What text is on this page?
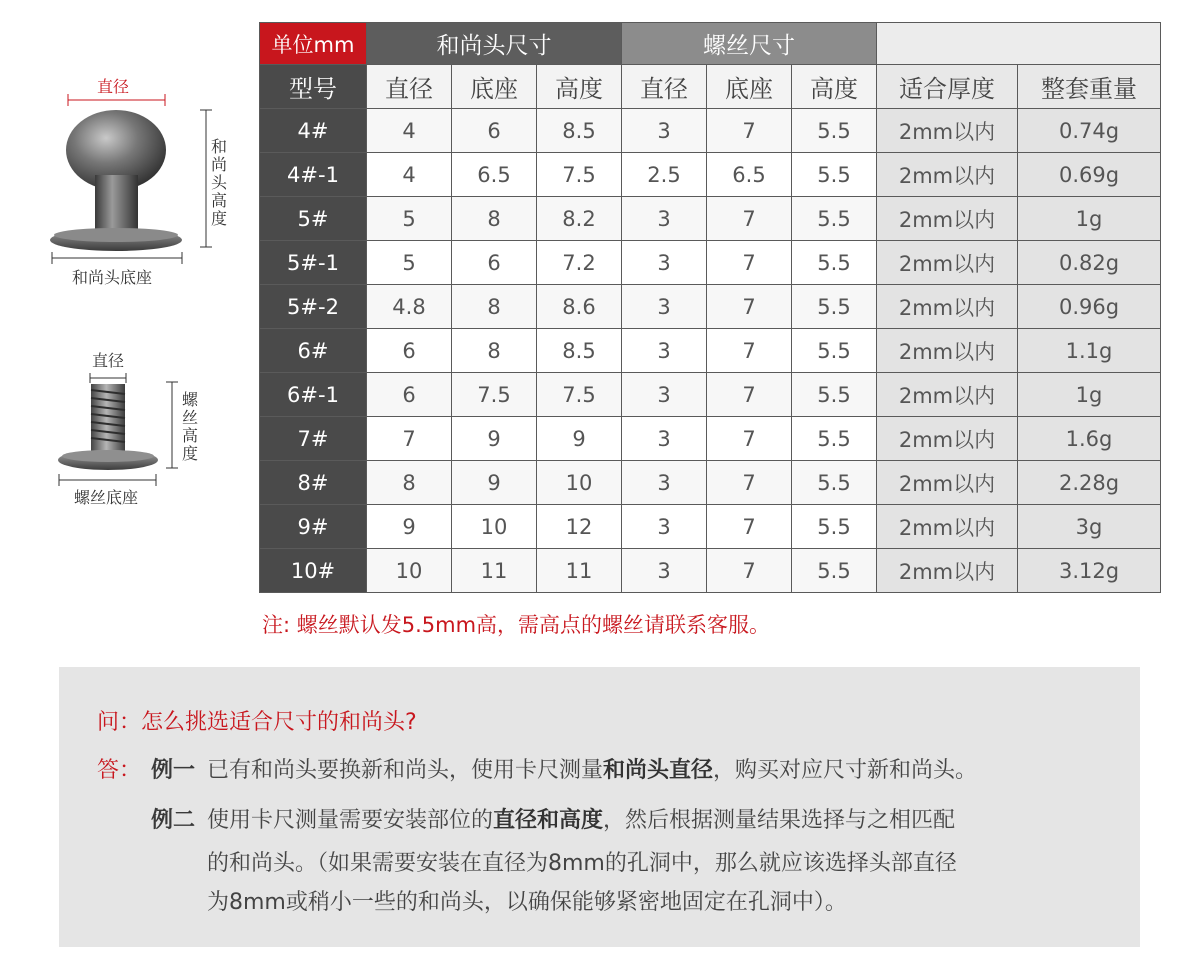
直径
和尚头高度
和尚头底座
直径
螺丝高度
螺丝底座
单位mm	和尚头尺寸			螺丝尺寸				
型号	直径	底座	高度	直径	底座	高度	适合厚度	整套重量
4#	4	6	8.5	3	7	5.5	2mm以内	0.74g
4#-1	4	6.5	7.5	2.5	6.5	5.5	2mm以内	0.69g
5#	5	8	8.2	3	7	5.5	2mm以内	1g
5#-1	5	6	7.2	3	7	5.5	2mm以内	0.82g
5#-2	4.8	8	8.6	3	7	5.5	2mm以内	0.96g
6#	6	8	8.5	3	7	5.5	2mm以内	1.1g
6#-1	6	7.5	7.5	3	7	5.5	2mm以内	1g
7#	7	9	9	3	7	5.5	2mm以内	1.6g
8#	8	9	10	3	7	5.5	2mm以内	2.28g
9#	9	10	12	3	7	5.5	2mm以内	3g
10#	10	11	11	3	7	5.5	2mm以内	3.12g
注: 螺丝默认发5.5mm高，需高点的螺丝请联系客服。
问：怎么挑选适合尺寸的和尚头?
答： 例一 已有和尚头要换新和尚头，使用卡尺测量和尚头直径，购买对应尺寸新和尚头。
例二 使用卡尺测量需要安装部位的直径和高度，然后根据测量结果选择与之相匹配
的和尚头。（如果需要安装在直径为8mm的孔洞中，那么就应该选择头部直径
为8mm或稍小一些的和尚头，以确保能够紧密地固定在孔洞中）。
